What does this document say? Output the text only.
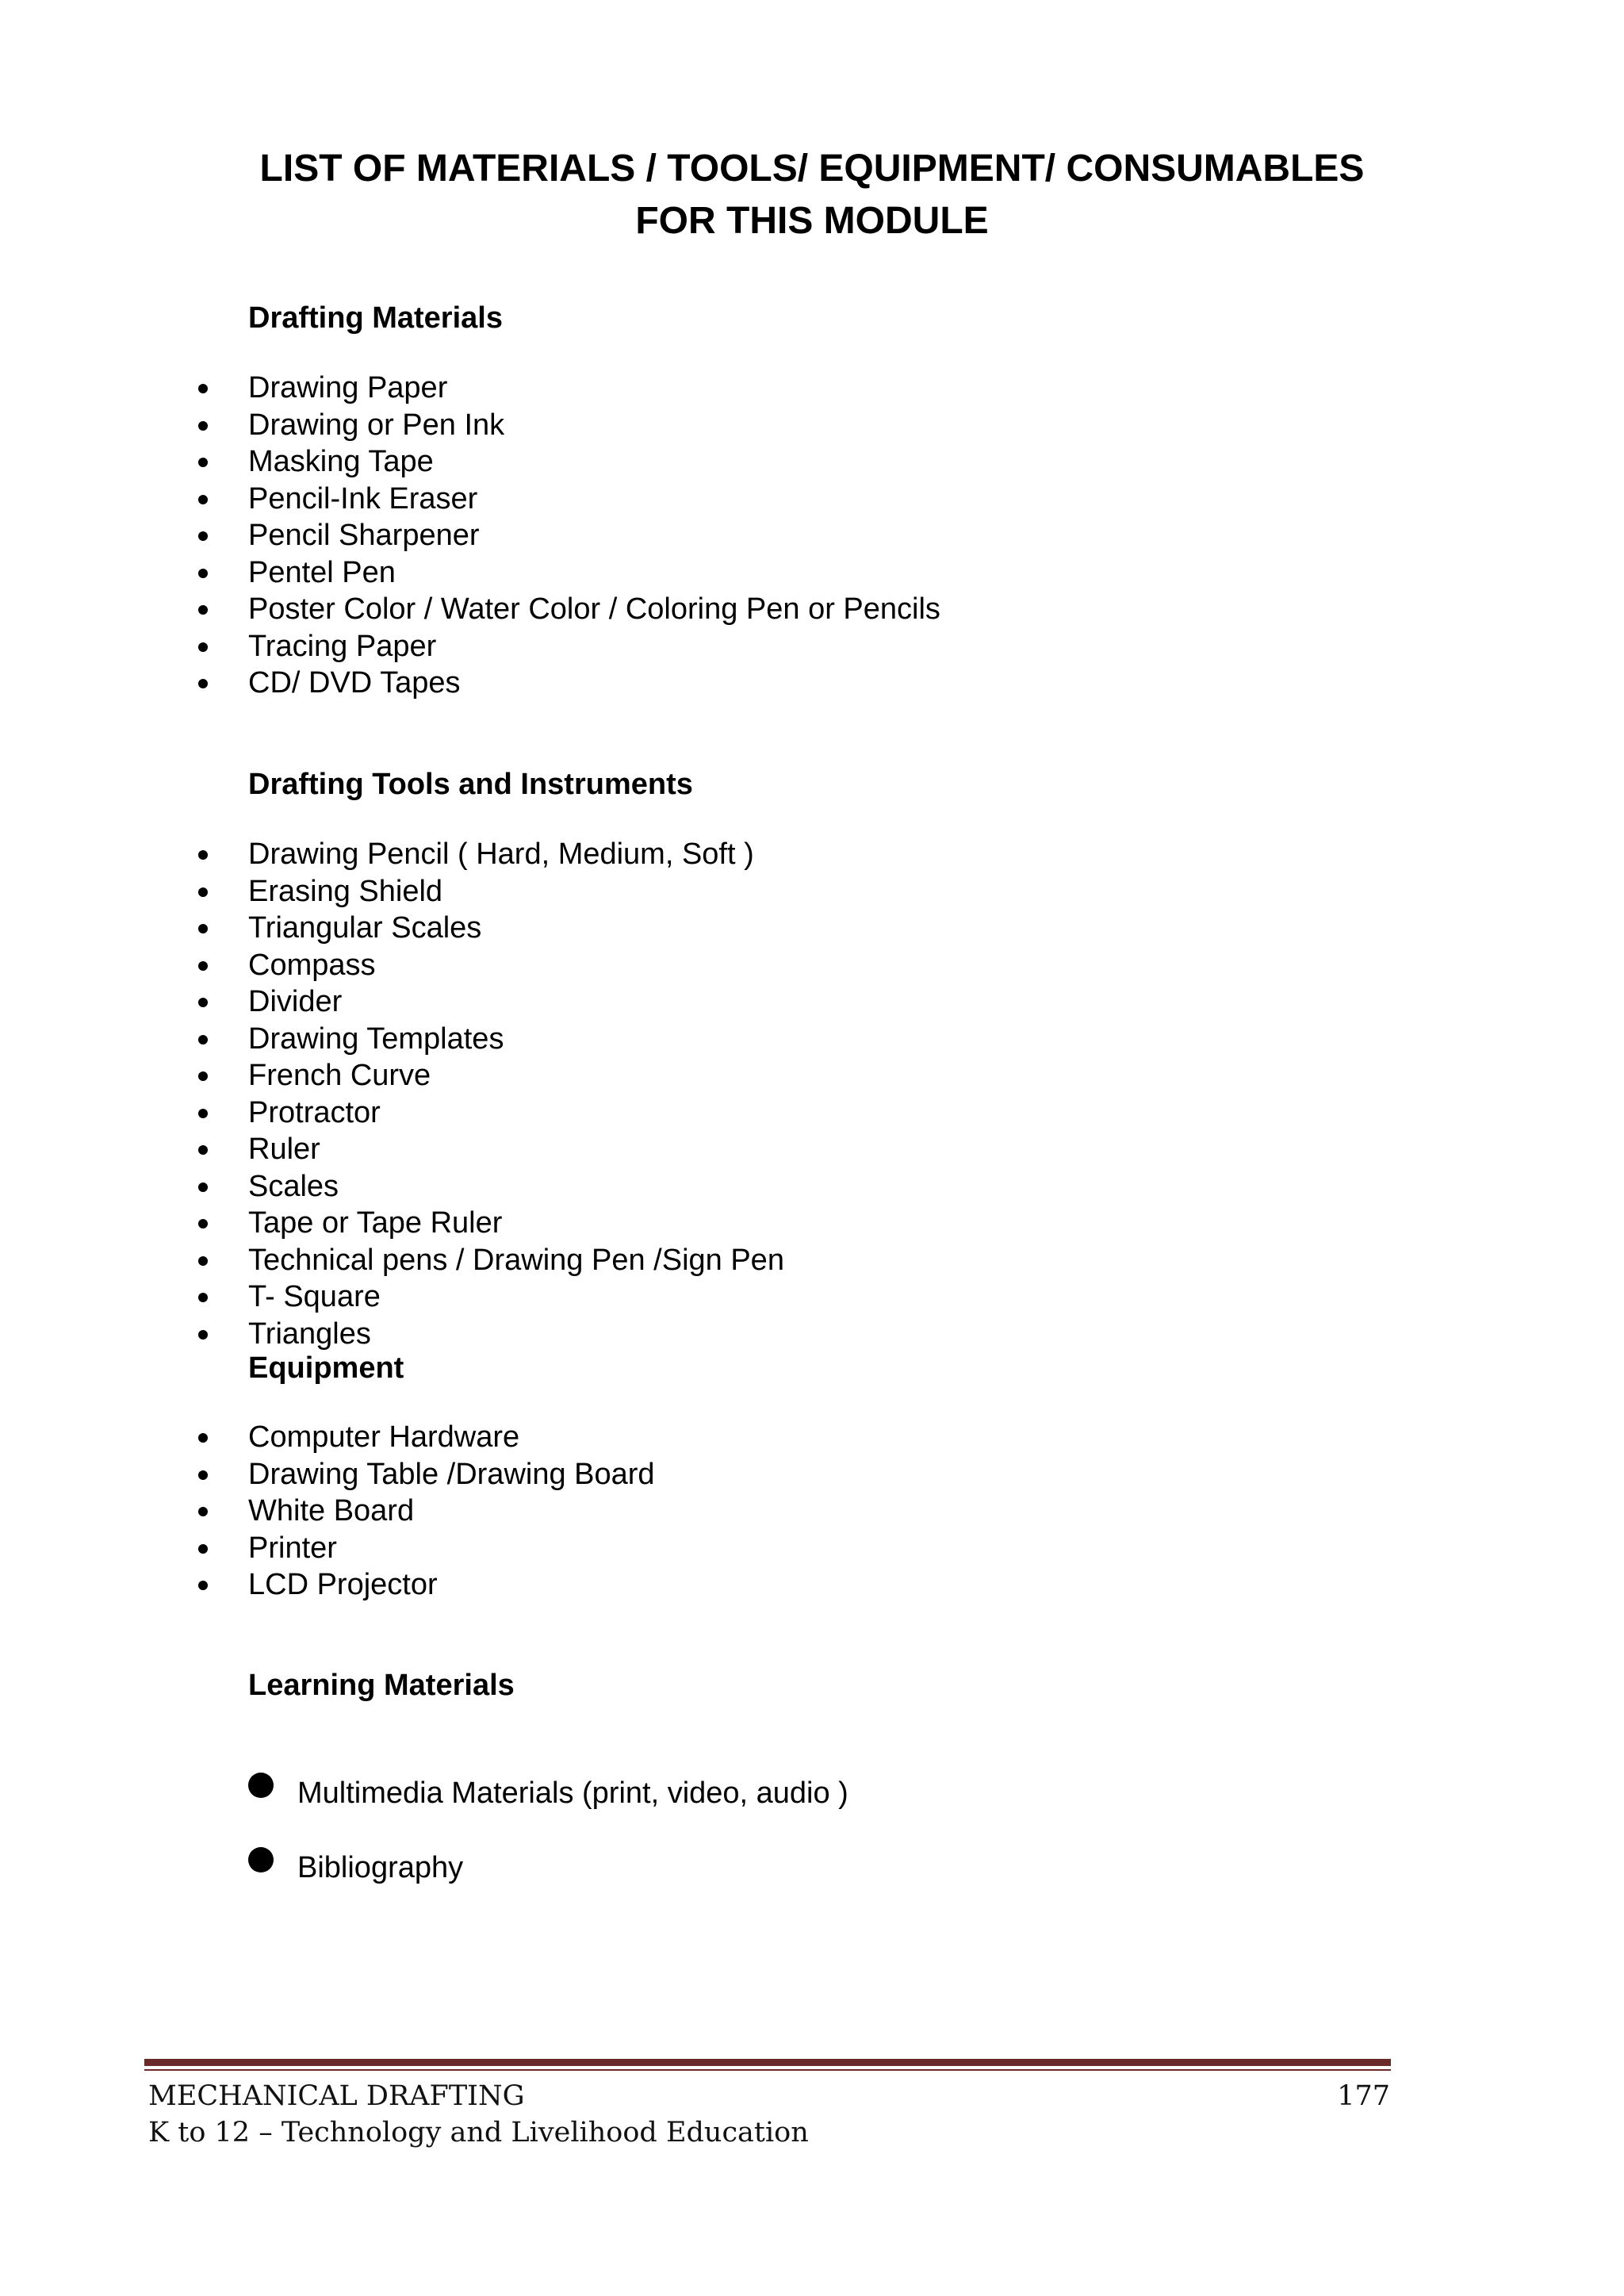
LIST OF MATERIALS / TOOLS/ EQUIPMENT/ CONSUMABLES
FOR THIS MODULE
Drafting Materials
Drawing Paper
Drawing or Pen Ink
Masking Tape
Pencil-Ink Eraser
Pencil Sharpener
Pentel Pen
Poster Color / Water Color / Coloring Pen or Pencils
Tracing Paper
CD/ DVD Tapes
Drafting Tools and Instruments
Drawing Pencil ( Hard, Medium, Soft )
Erasing Shield
Triangular Scales
Compass
Divider
Drawing Templates
French Curve
Protractor
Ruler
Scales
Tape or Tape Ruler
Technical pens / Drawing Pen /Sign Pen
T- Square
Triangles
Equipment
Computer Hardware
Drawing Table /Drawing Board
White Board
Printer
LCD Projector
Learning Materials
Multimedia Materials (print, video, audio )
Bibliography
MECHANICAL DRAFTING	177
K to 12 – Technology and Livelihood Education
